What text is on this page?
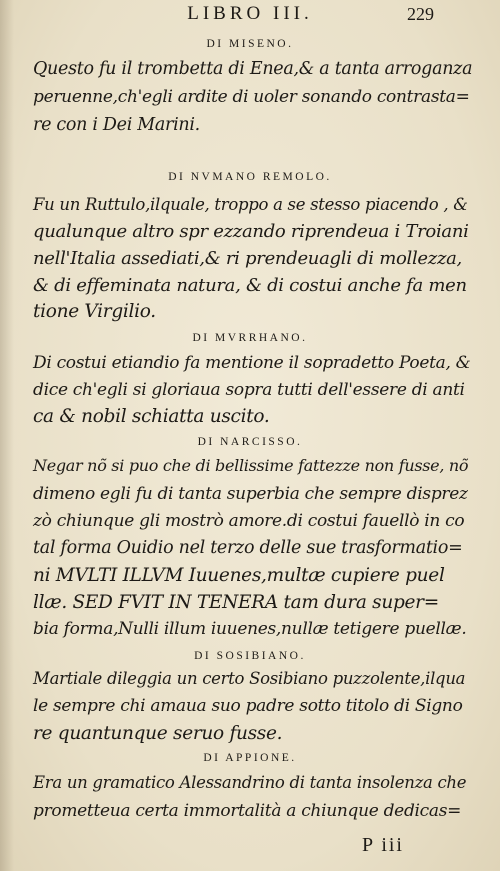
LIBRO III.	229
DI MISENO.
Questo fu il trombetta di Enea,& a tanta arroganza
peruenne,ch'egli ardite di uoler sonando contrasta=
re con i Dei Marini.
DI NVMANO REMOLO.
Fu un Ruttulo,ilquale, troppo a se stesso piacendo , &
qualunque altro spr ezzando riprendeua i Troiani
nell'Italia assediati,& ri prendeuagli di mollezza,
& di effeminata natura, & di costui anche fa men
tione Virgilio.
DI MVRRHANO.
Di costui etiandio fa mentione il sopradetto Poeta, &
dice ch'egli si gloriaua sopra tutti dell'essere di anti
ca & nobil schiatta uscito.
DI NARCISSO.
Negar nõ si puo che di bellissime fattezze non fusse, nõ
dimeno egli fu di tanta superbia che sempre disprez
zò chiunque gli mostrò amore.di costui fauellò in co
tal forma Ouidio nel terzo delle sue trasformatio=
ni MVLTI ILLVM Iuuenes,multæ cupiere puel
llæ. SED FVIT IN TENERA tam dura super=
bia forma,Nulli illum iuuenes,nullæ tetigere puellæ.
DI SOSIBIANO.
Martiale dileggia un certo Sosibiano puzzolente,ilqua
le sempre chi amaua suo padre sotto titolo di Signo
re quantunque seruo fusse.
DI APPIONE.
Era un gramatico Alessandrino di tanta insolenza che
prometteua certa immortalità a chiunque dedicas=
P iii
